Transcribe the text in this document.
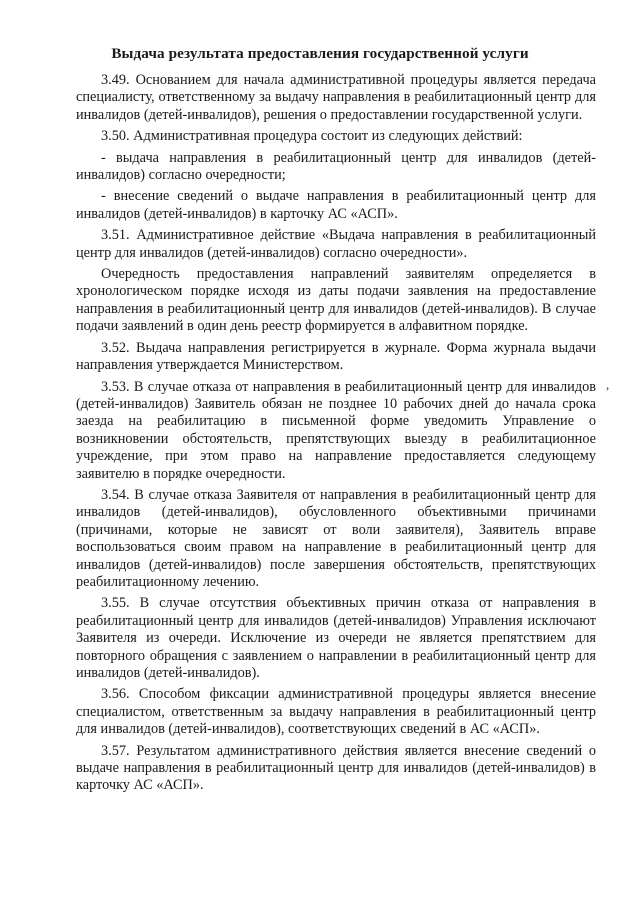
Выдача результата предоставления государственной услуги

3.49. Основанием для начала административной процедуры является передача специалисту, ответственному за выдачу направления в реабилитационный центр для инвалидов (детей-инвалидов), решения о предоставлении государственной услуги.

3.50. Административная процедура состоит из следующих действий:

- выдача направления в реабилитационный центр для инвалидов (детей-инвалидов) согласно очередности;

- внесение сведений о выдаче направления в реабилитационный центр для инвалидов (детей-инвалидов) в карточку АС «АСП».

3.51. Административное действие «Выдача направления в реабилитационный центр для инвалидов (детей-инвалидов) согласно очередности».

Очередность предоставления направлений заявителям определяется в хронологическом порядке исходя из даты подачи заявления на предоставление направления в реабилитационный центр для инвалидов (детей-инвалидов). В случае подачи заявлений в один день реестр формируется в алфавитном порядке.

3.52. Выдача направления регистрируется в журнале. Форма журнала выдачи направления утверждается Министерством.

3.53. В случае отказа от направления в реабилитационный центр для инвалидов (детей-инвалидов) Заявитель обязан не позднее 10 рабочих дней до начала срока заезда на реабилитацию в письменной форме уведомить Управление о возникновении обстоятельств, препятствующих выезду в реабилитационное учреждение, при этом право на направление предоставляется следующему заявителю в порядке очередности.

3.54. В случае отказа Заявителя от направления в реабилитационный центр для инвалидов (детей-инвалидов), обусловленного объективными причинами (причинами, которые не зависят от воли заявителя), Заявитель вправе воспользоваться своим правом на направление в реабилитационный центр для инвалидов (детей-инвалидов) после завершения обстоятельств, препятствующих реабилитационному лечению.

3.55. В случае отсутствия объективных причин отказа от направления в реабилитационный центр для инвалидов (детей-инвалидов) Управления исключают Заявителя из очереди. Исключение из очереди не является препятствием для повторного обращения с заявлением о направлении в реабилитационный центр для инвалидов (детей-инвалидов).

3.56. Способом фиксации административной процедуры является внесение специалистом, ответственным за выдачу направления в реабилитационный центр для инвалидов (детей-инвалидов), соответствующих сведений в АС «АСП».

3.57. Результатом административного действия является внесение сведений о выдаче направления в реабилитационный центр для инвалидов (детей-инвалидов) в карточку АС «АСП».

,
